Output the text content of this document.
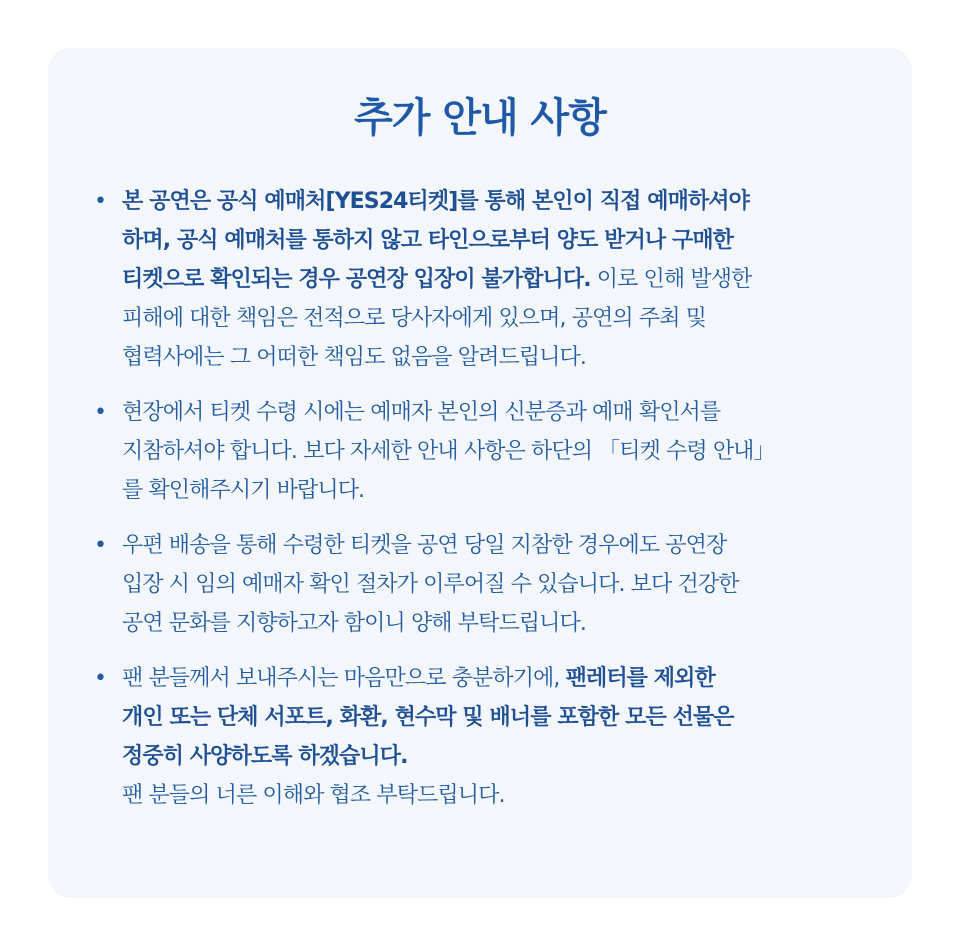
추가 안내 사항
• 본 공연은 공식 예매처[YES24티켓]를 통해 본인이 직접 예매하셔야
하며, 공식 예매처를 통하지 않고 타인으로부터 양도 받거나 구매한
티켓으로 확인되는 경우 공연장 입장이 불가합니다. 이로 인해 발생한
피해에 대한 책임은 전적으로 당사자에게 있으며, 공연의 주최 및
협력사에는 그 어떠한 책임도 없음을 알려드립니다.
• 현장에서 티켓 수령 시에는 예매자 본인의 신분증과 예매 확인서를
지참하셔야 합니다. 보다 자세한 안내 사항은 하단의 「티켓 수령 안내」
를 확인해주시기 바랍니다.
• 우편 배송을 통해 수령한 티켓을 공연 당일 지참한 경우에도 공연장
입장 시 임의 예매자 확인 절차가 이루어질 수 있습니다. 보다 건강한
공연 문화를 지향하고자 함이니 양해 부탁드립니다.
• 팬 분들께서 보내주시는 마음만으로 충분하기에, 팬레터를 제외한
개인 또는 단체 서포트, 화환, 현수막 및 배너를 포함한 모든 선물은
정중히 사양하도록 하겠습니다.
팬 분들의 너른 이해와 협조 부탁드립니다.
